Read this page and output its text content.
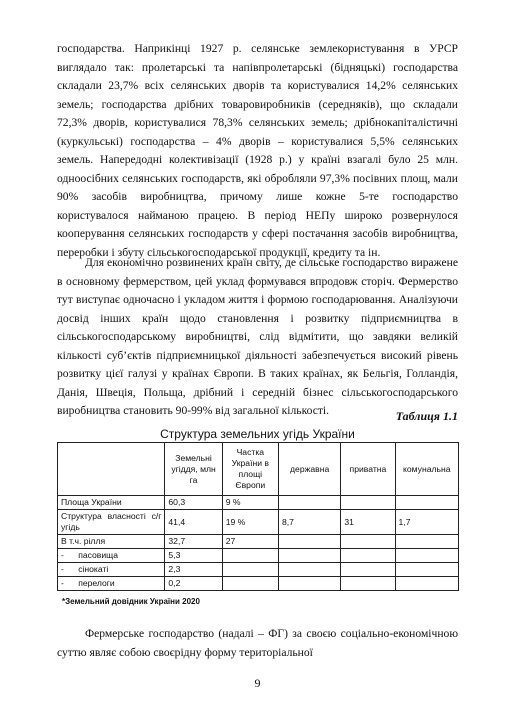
господарства. Наприкінці 1927 р. селянське землекористування в УРСР виглядало так: пролетарські та напівпролетарські (бідняцькі) господарства складали 23,7% всіх селянських дворів та користувалися 14,2% селянських земель; господарства дрібних товаровиробників (середняків), що складали 72,3% дворів, користувалися 78,3% селянських земель; дрібнокапіталістичні (куркульські) господарства – 4% дворів – користувалися 5,5% селянських земель. Напередодні колективізації (1928 р.) у країні взагалі було 25 млн. одноосібних селянських господарств, які обробляли 97,3% посівних площ, мали 90% засобів виробництва, причому лише кожне 5-те господарство користувалося найманою працею. В період НЕПу широко розвернулося кооперування селянських господарств у сфері постачання засобів виробництва, переробки і збуту сільськогосподарської продукції, кредиту та ін.
Для економічно розвинених країн світу, де сільське господарство виражене в основному фермерством, цей уклад формувався впродовж сторіч. Фермерство тут виступає одночасно і укладом життя і формою господарювання. Аналізуючи досвід інших країн щодо становлення і розвитку підприємництва в сільськогосподарському виробництві, слід відмітити, що завдяки великій кількості суб’єктів підприємницької діяльності забезпечується високий рівень розвитку цієї галузі у країнах Європи. В таких країнах, як Бельгія, Голландія, Данія, Швеція, Польща, дрібний і середній бізнес сільськогосподарського виробництва становить 90-99% від загальної кількості.	Таблиця 1.1
Структура земельних угідь України
	Земельні угіддя, млн га	Частка України в площі Європи	державна	приватна	комунальна
Площа України	60,3	9 %			
Структура власності с/г угідь	41,4	19 %	8,7	31	1,7
В т.ч. рілля	32,7	27			
-      пасовища	5,3				
-      сінокаті	2,3				
-      перелоги	0,2				
*Земельний довідник України 2020
Фермерське господарство (надалі – ФГ) за своєю соціально-економічною суттю являє собою своєрідну форму територіальної
9
